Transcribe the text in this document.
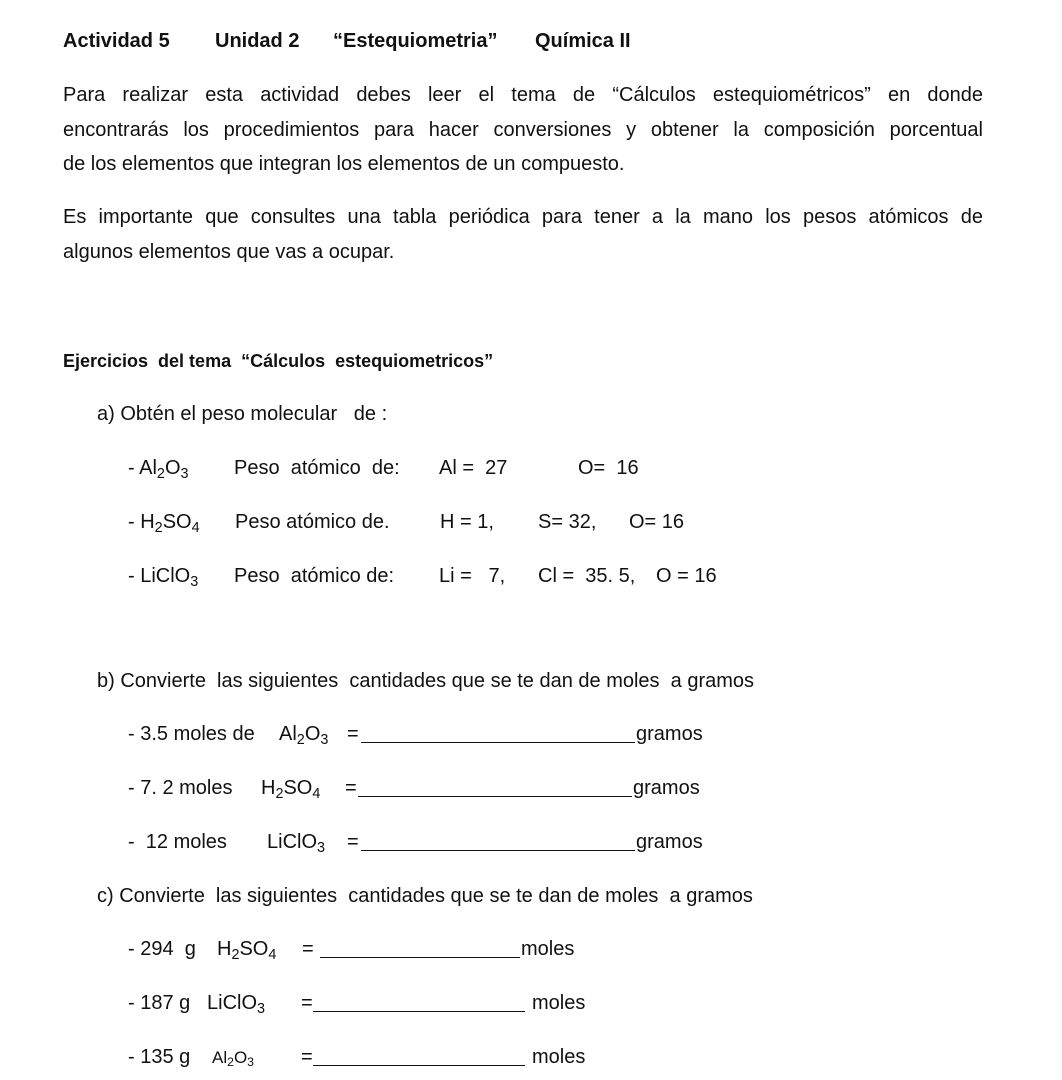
Actividad 5 Unidad 2 “Estequiometria” Química II
Para realizar esta actividad debes leer el tema de “Cálculos estequiométricos” en donde
encontrarás los procedimientos para hacer conversiones y obtener la composición porcentual
de los elementos que integran los elementos de un compuesto.
Es importante que consultes una tabla periódica para tener a la mano los pesos atómicos de
algunos elementos que vas a ocupar.
Ejercicios  del tema  “Cálculos  estequiometricos”
a) Obtén el peso molecular   de :
- $Al_2O_3$ Peso  atómico  de: Al =  27	O=  16
- $H_2SO_4$ Peso atómico de.	H = 1, S= 32, O= 16
- LiClO$_3$ Peso  atómico de: Li =   7, Cl =  35. 5, O = 16
b) Convierte  las siguientes  cantidades que se te dan de moles  a gramos
- 3.5 moles de $Al_2O_3$ =	gramos
- 7. 2 moles $H_2SO_4$ =	gramos
-  12 moles LiClO$_3$ =	gramos
c) Convierte  las siguientes  cantidades que se te dan de moles  a gramos
- 294  g $H_2SO_4$ =	moles
- 187 g LiClO$_3$ =	moles
- 135 g $Al_2O_3$ =	moles
